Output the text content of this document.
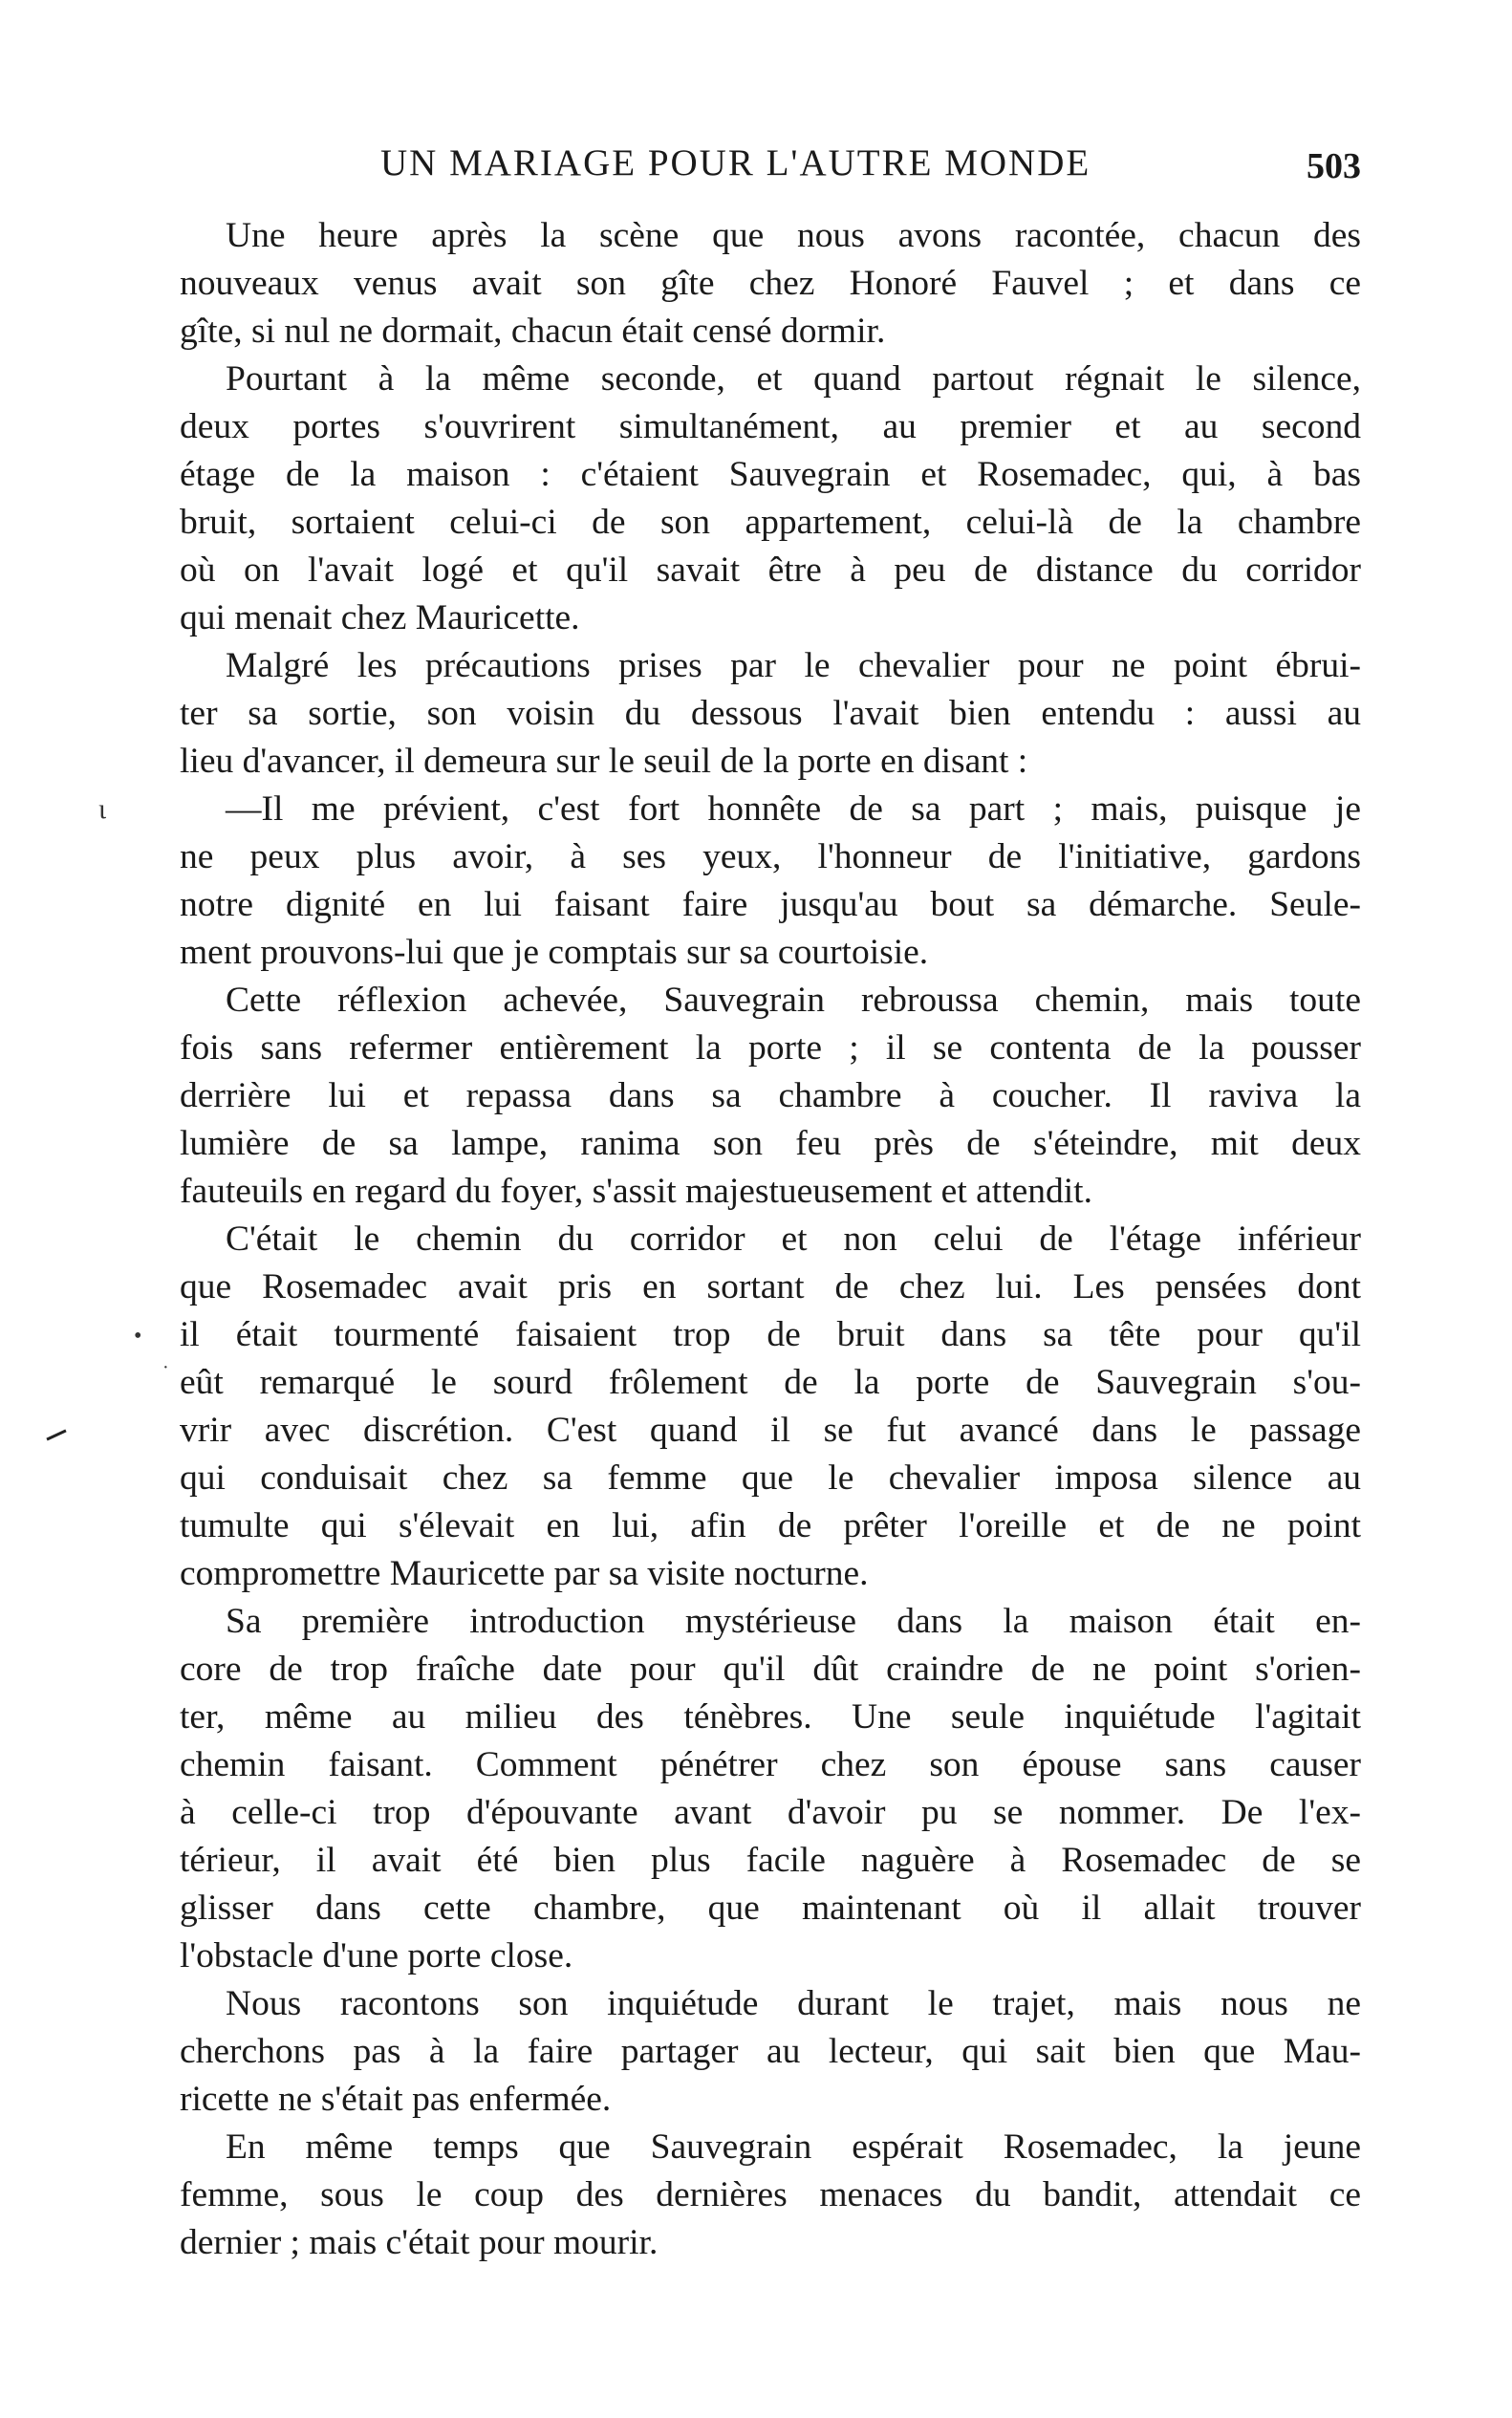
UN MARIAGE POUR L'AUTRE MONDE	503
Une heure après la scène que nous avons racontée, chacun des
nouveaux venus avait son gîte chez Honoré Fauvel ; et dans ce
gîte, si nul ne dormait, chacun était censé dormir.
Pourtant à la même seconde, et quand partout régnait le silence,
deux portes s'ouvrirent simultanément, au premier et au second
étage de la maison : c'étaient Sauvegrain et Rosemadec, qui, à bas
bruit, sortaient celui-ci de son appartement, celui-là de la chambre
où on l'avait logé et qu'il savait être à peu de distance du corridor
qui menait chez Mauricette.
Malgré les précautions prises par le chevalier pour ne point ébrui-
ter sa sortie, son voisin du dessous l'avait bien entendu : aussi au
lieu d'avancer, il demeura sur le seuil de la porte en disant :
—Il me prévient, c'est fort honnête de sa part ; mais, puisque je
ne peux plus avoir, à ses yeux, l'honneur de l'initiative, gardons
notre dignité en lui faisant faire jusqu'au bout sa démarche. Seule-
ment prouvons-lui que je comptais sur sa courtoisie.
Cette réflexion achevée, Sauvegrain rebroussa chemin, mais toute
fois sans refermer entièrement la porte ; il se contenta de la pousser
derrière lui et repassa dans sa chambre à coucher. Il raviva la
lumière de sa lampe, ranima son feu près de s'éteindre, mit deux
fauteuils en regard du foyer, s'assit majestueusement et attendit.
C'était le chemin du corridor et non celui de l'étage inférieur
que Rosemadec avait pris en sortant de chez lui. Les pensées dont
il était tourmenté faisaient trop de bruit dans sa tête pour qu'il
eût remarqué le sourd frôlement de la porte de Sauvegrain s'ou-
vrir avec discrétion. C'est quand il se fut avancé dans le passage
qui conduisait chez sa femme que le chevalier imposa silence au
tumulte qui s'élevait en lui, afin de prêter l'oreille et de ne point
compromettre Mauricette par sa visite nocturne.
Sa première introduction mystérieuse dans la maison était en-
core de trop fraîche date pour qu'il dût craindre de ne point s'orien-
ter, même au milieu des ténèbres. Une seule inquiétude l'agitait
chemin faisant. Comment pénétrer chez son épouse sans causer
à celle-ci trop d'épouvante avant d'avoir pu se nommer. De l'ex-
térieur, il avait été bien plus facile naguère à Rosemadec de se
glisser dans cette chambre, que maintenant où il allait trouver
l'obstacle d'une porte close.
Nous racontons son inquiétude durant le trajet, mais nous ne
cherchons pas à la faire partager au lecteur, qui sait bien que Mau-
ricette ne s'était pas enfermée.
En même temps que Sauvegrain espérait Rosemadec, la jeune
femme, sous le coup des dernières menaces du bandit, attendait ce
dernier ; mais c'était pour mourir.
ι
•
·
